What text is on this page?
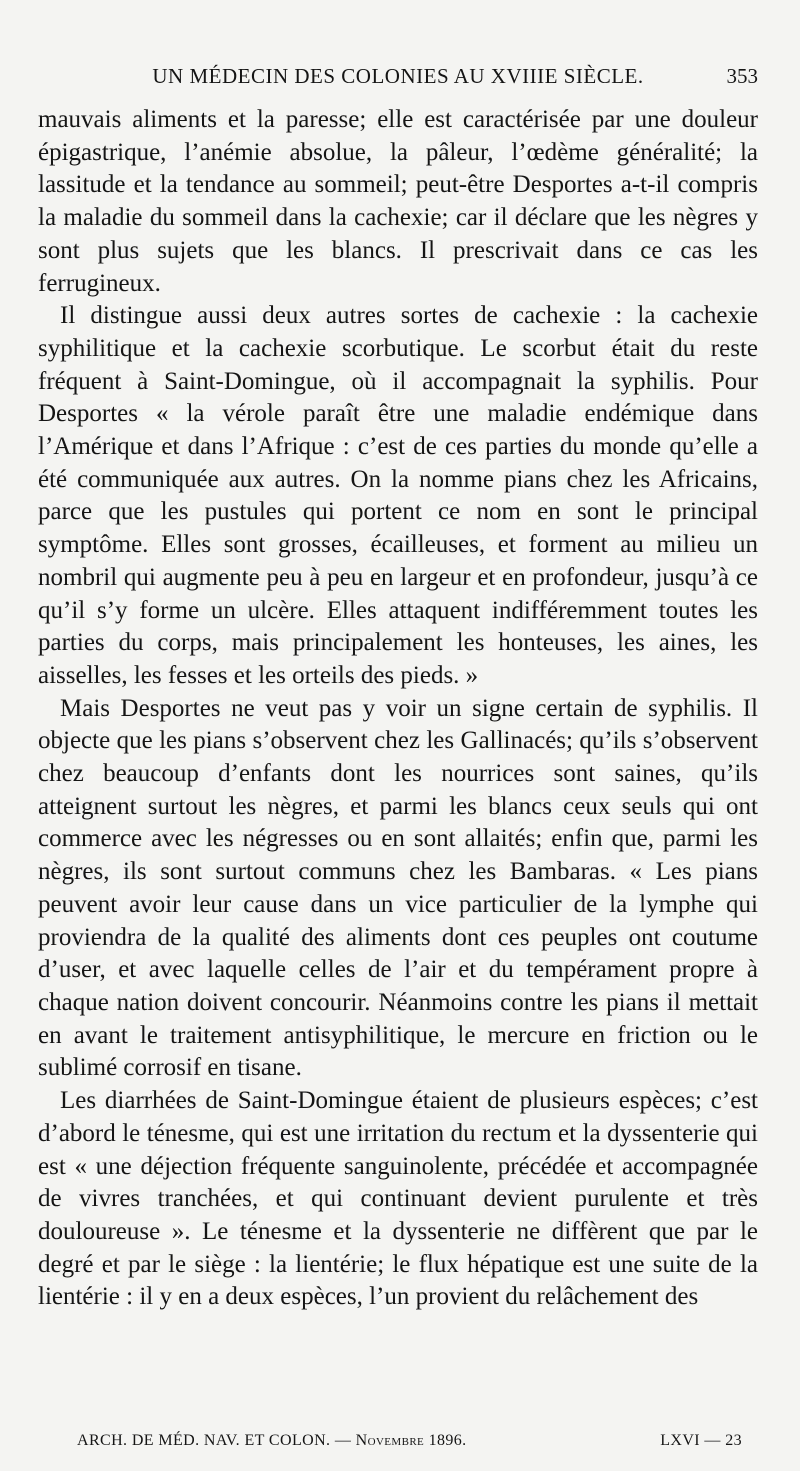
UN MÉDECIN DES COLONIES AU XVIIIE SIÈCLE.	353

mauvais aliments et la paresse; elle est caractérisée par une douleur épigastrique, l’anémie absolue, la pâleur, l’œdème généralité; la lassitude et la tendance au sommeil; peut-être Desportes a-t-il compris la maladie du sommeil dans la cachexie; car il déclare que les nègres y sont plus sujets que les blancs. Il prescrivait dans ce cas les ferrugineux.

Il distingue aussi deux autres sortes de cachexie : la cachexie syphilitique et la cachexie scorbutique. Le scorbut était du reste fréquent à Saint-Domingue, où il accompagnait la syphilis. Pour Desportes « la vérole paraît être une maladie endémique dans l’Amérique et dans l’Afrique : c’est de ces parties du monde qu’elle a été communiquée aux autres. On la nomme pians chez les Africains, parce que les pustules qui portent ce nom en sont le principal symptôme. Elles sont grosses, écailleuses, et forment au milieu un nombril qui augmente peu à peu en largeur et en profondeur, jusqu’à ce qu’il s’y forme un ulcère. Elles attaquent indifféremment toutes les parties du corps, mais principalement les honteuses, les aines, les aisselles, les fesses et les orteils des pieds. »

Mais Desportes ne veut pas y voir un signe certain de syphilis. Il objecte que les pians s’observent chez les Gallinacés; qu’ils s’observent chez beaucoup d’enfants dont les nourrices sont saines, qu’ils atteignent surtout les nègres, et parmi les blancs ceux seuls qui ont commerce avec les négresses ou en sont allaités; enfin que, parmi les nègres, ils sont surtout communs chez les Bambaras. « Les pians peuvent avoir leur cause dans un vice particulier de la lymphe qui proviendra de la qualité des aliments dont ces peuples ont coutume d’user, et avec laquelle celles de l’air et du tempérament propre à chaque nation doivent concourir. Néanmoins contre les pians il mettait en avant le traitement antisyphilitique, le mercure en friction ou le sublimé corrosif en tisane.

Les diarrhées de Saint-Domingue étaient de plusieurs espèces; c’est d’abord le ténesme, qui est une irritation du rectum et la dyssenterie qui est « une déjection fréquente sanguinolente, précédée et accompagnée de vivres tranchées, et qui continuant devient purulente et très douloureuse ». Le ténesme et la dyssenterie ne diffèrent que par le degré et par le siège : la lientérie; le flux hépatique est une suite de la lientérie : il y en a deux espèces, l’un provient du relâchement des

ARCH. DE MÉD. NAV. ET COLON. — Novembre 1896.	LXVI — 23
